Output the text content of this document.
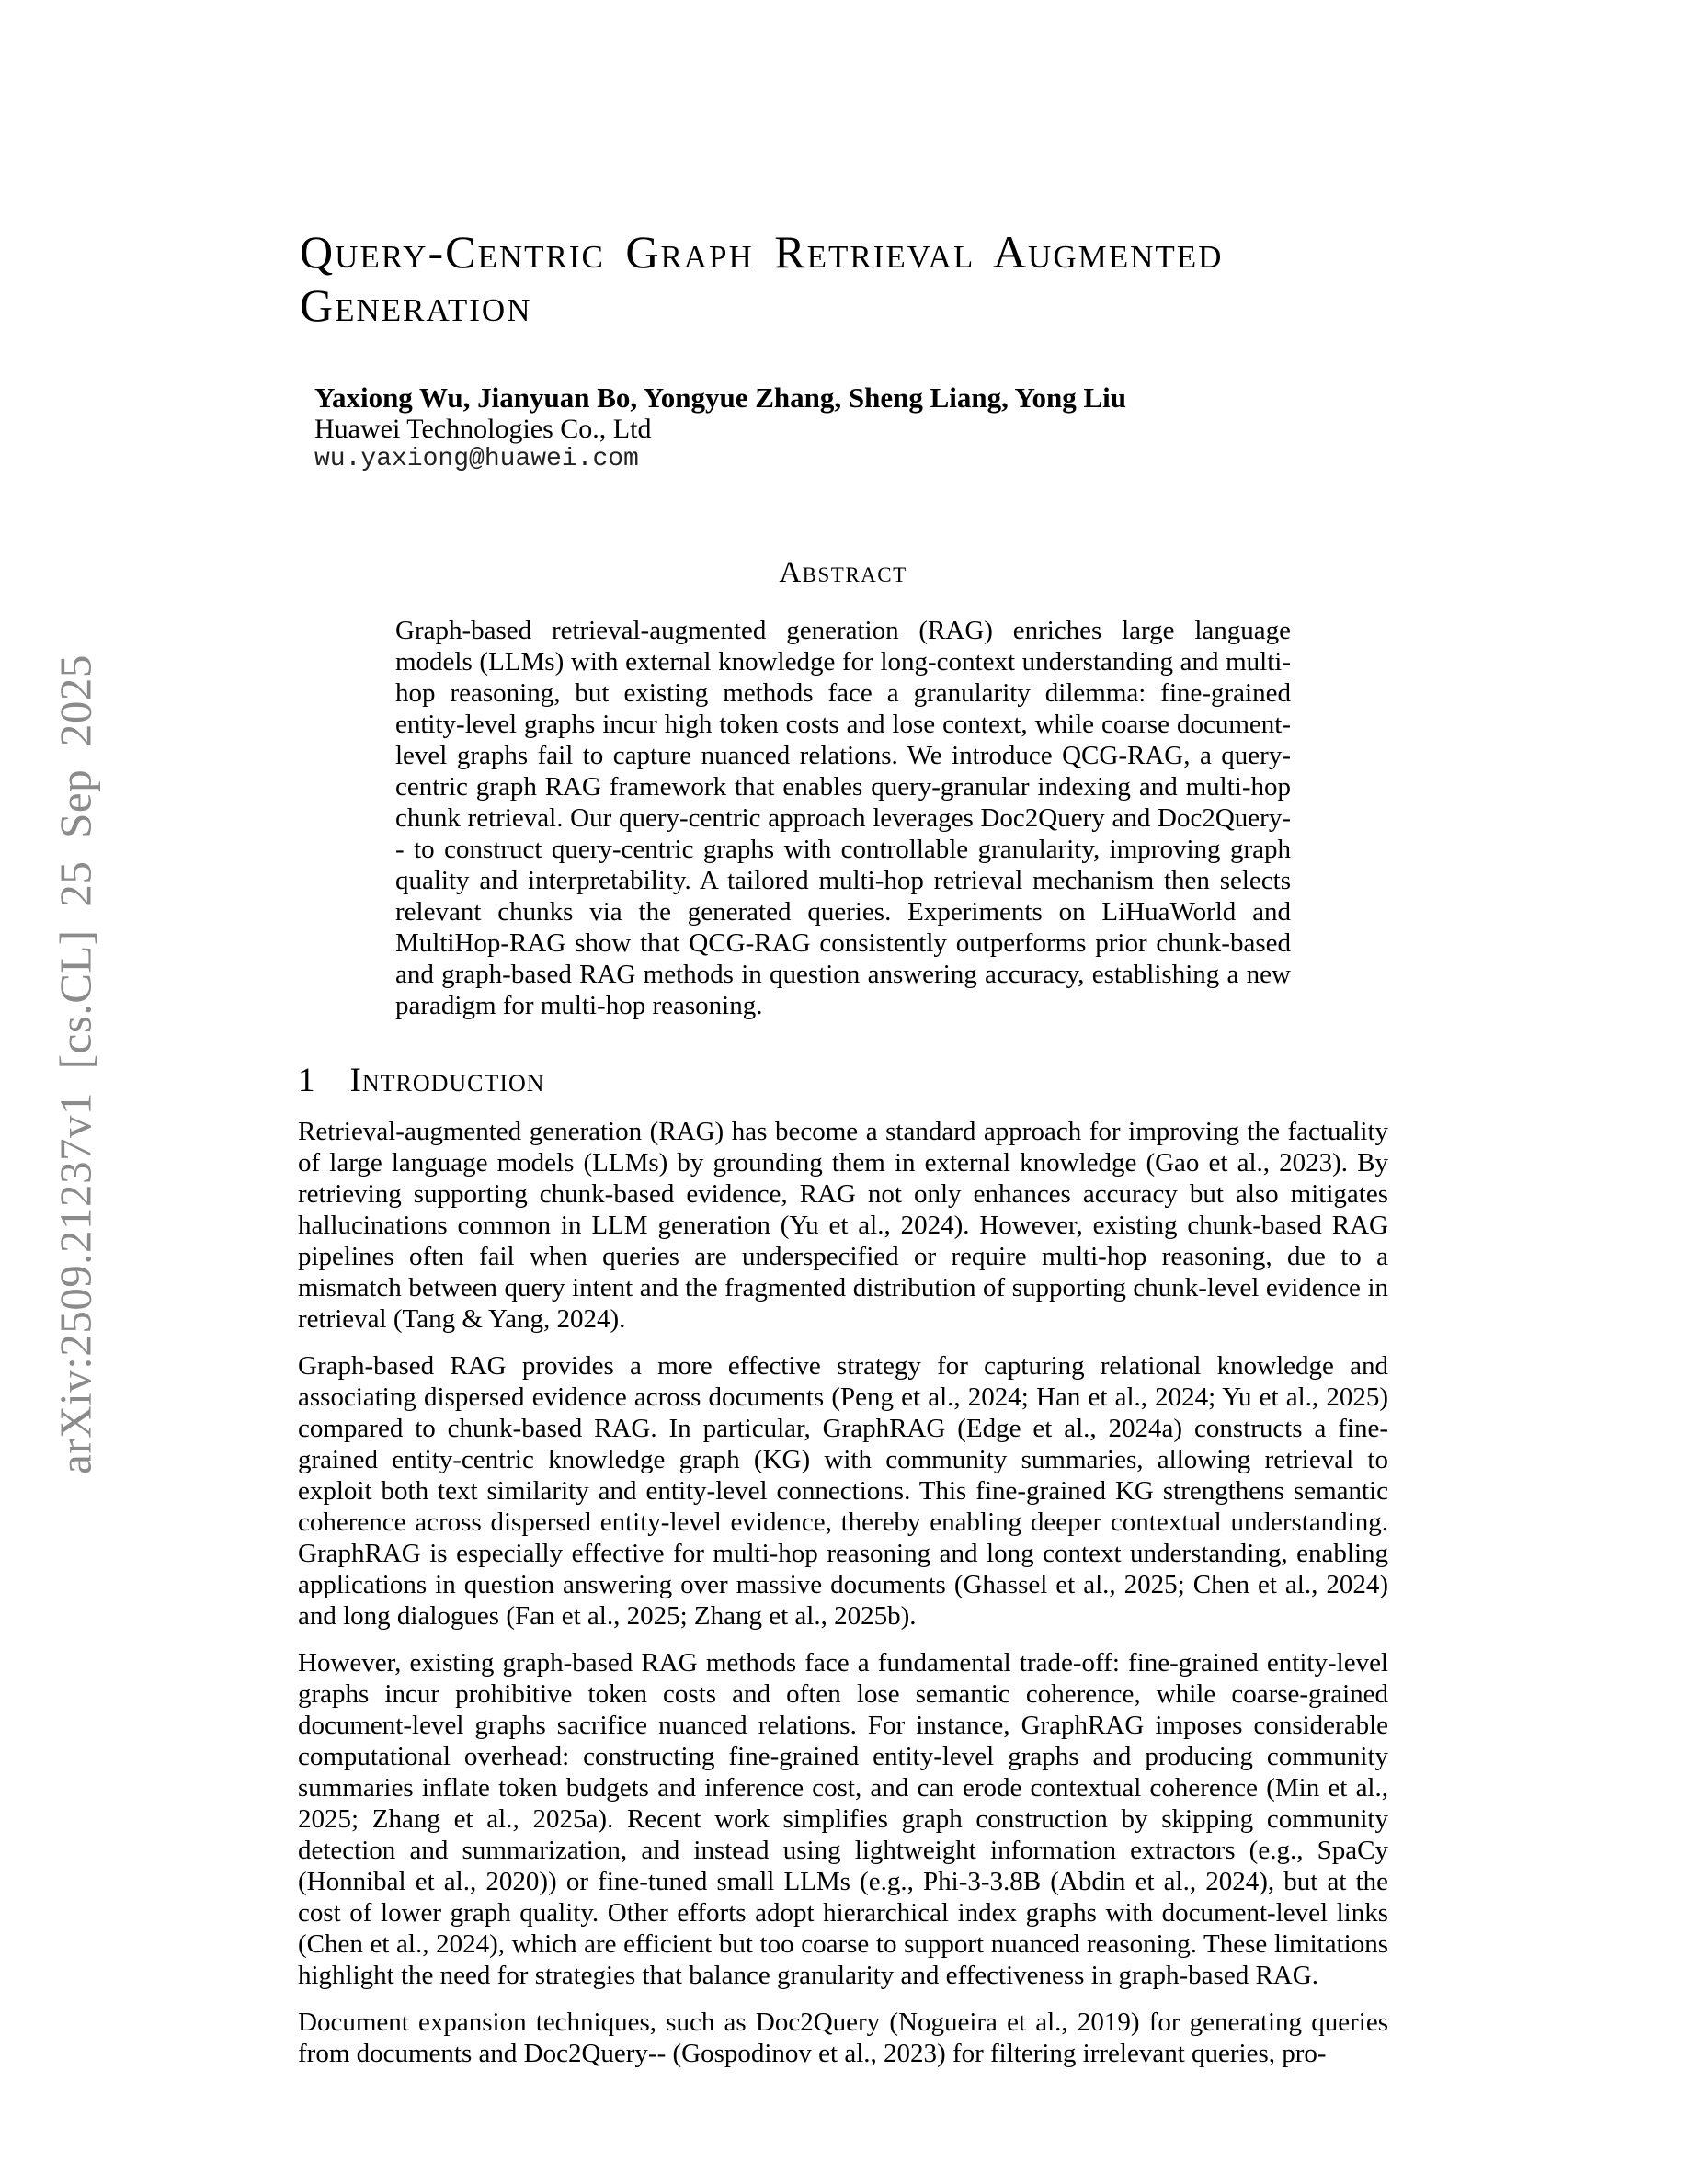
arXiv:2509.21237v1 [cs.CL] 25 Sep 2025
Query-Centric Graph Retrieval Augmented Generation
Yaxiong Wu, Jianyuan Bo, Yongyue Zhang, Sheng Liang, Yong Liu
Huawei Technologies Co., Ltd
wu.yaxiong@huawei.com
Abstract
Graph-based retrieval-augmented generation (RAG) enriches large language models (LLMs) with external knowledge for long-context understanding and multi-hop reasoning, but existing methods face a granularity dilemma: fine-grained entity-level graphs incur high token costs and lose context, while coarse document-level graphs fail to capture nuanced relations. We introduce QCG-RAG, a query-centric graph RAG framework that enables query-granular indexing and multi-hop chunk retrieval. Our query-centric approach leverages Doc2Query and Doc2Query-- to construct query-centric graphs with controllable granularity, improving graph quality and interpretability. A tailored multi-hop retrieval mechanism then selects relevant chunks via the generated queries. Experiments on LiHuaWorld and MultiHop-RAG show that QCG-RAG consistently outperforms prior chunk-based and graph-based RAG methods in question answering accuracy, establishing a new paradigm for multi-hop reasoning.
1 Introduction

Retrieval-augmented generation (RAG) has become a standard approach for improving the factuality of large language models (LLMs) by grounding them in external knowledge (Gao et al., 2023). By retrieving supporting chunk-based evidence, RAG not only enhances accuracy but also mitigates hallucinations common in LLM generation (Yu et al., 2024). However, existing chunk-based RAG pipelines often fail when queries are underspecified or require multi-hop reasoning, due to a mismatch between query intent and the fragmented distribution of supporting chunk-level evidence in retrieval (Tang & Yang, 2024).

Graph-based RAG provides a more effective strategy for capturing relational knowledge and associating dispersed evidence across documents (Peng et al., 2024; Han et al., 2024; Yu et al., 2025) compared to chunk-based RAG. In particular, GraphRAG (Edge et al., 2024a) constructs a fine-grained entity-centric knowledge graph (KG) with community summaries, allowing retrieval to exploit both text similarity and entity-level connections. This fine-grained KG strengthens semantic coherence across dispersed entity-level evidence, thereby enabling deeper contextual understanding. GraphRAG is especially effective for multi-hop reasoning and long context understanding, enabling applications in question answering over massive documents (Ghassel et al., 2025; Chen et al., 2024) and long dialogues (Fan et al., 2025; Zhang et al., 2025b).

However, existing graph-based RAG methods face a fundamental trade-off: fine-grained entity-level graphs incur prohibitive token costs and often lose semantic coherence, while coarse-grained document-level graphs sacrifice nuanced relations. For instance, GraphRAG imposes considerable computational overhead: constructing fine-grained entity-level graphs and producing community summaries inflate token budgets and inference cost, and can erode contextual coherence (Min et al., 2025; Zhang et al., 2025a). Recent work simplifies graph construction by skipping community detection and summarization, and instead using lightweight information extractors (e.g., SpaCy (Honnibal et al., 2020)) or fine-tuned small LLMs (e.g., Phi-3-3.8B (Abdin et al., 2024), but at the cost of lower graph quality. Other efforts adopt hierarchical index graphs with document-level links (Chen et al., 2024), which are efficient but too coarse to support nuanced reasoning. These limitations highlight the need for strategies that balance granularity and effectiveness in graph-based RAG.

Document expansion techniques, such as Doc2Query (Nogueira et al., 2019) for generating queries from documents and Doc2Query-- (Gospodinov et al., 2023) for filtering irrelevant queries, pro-
